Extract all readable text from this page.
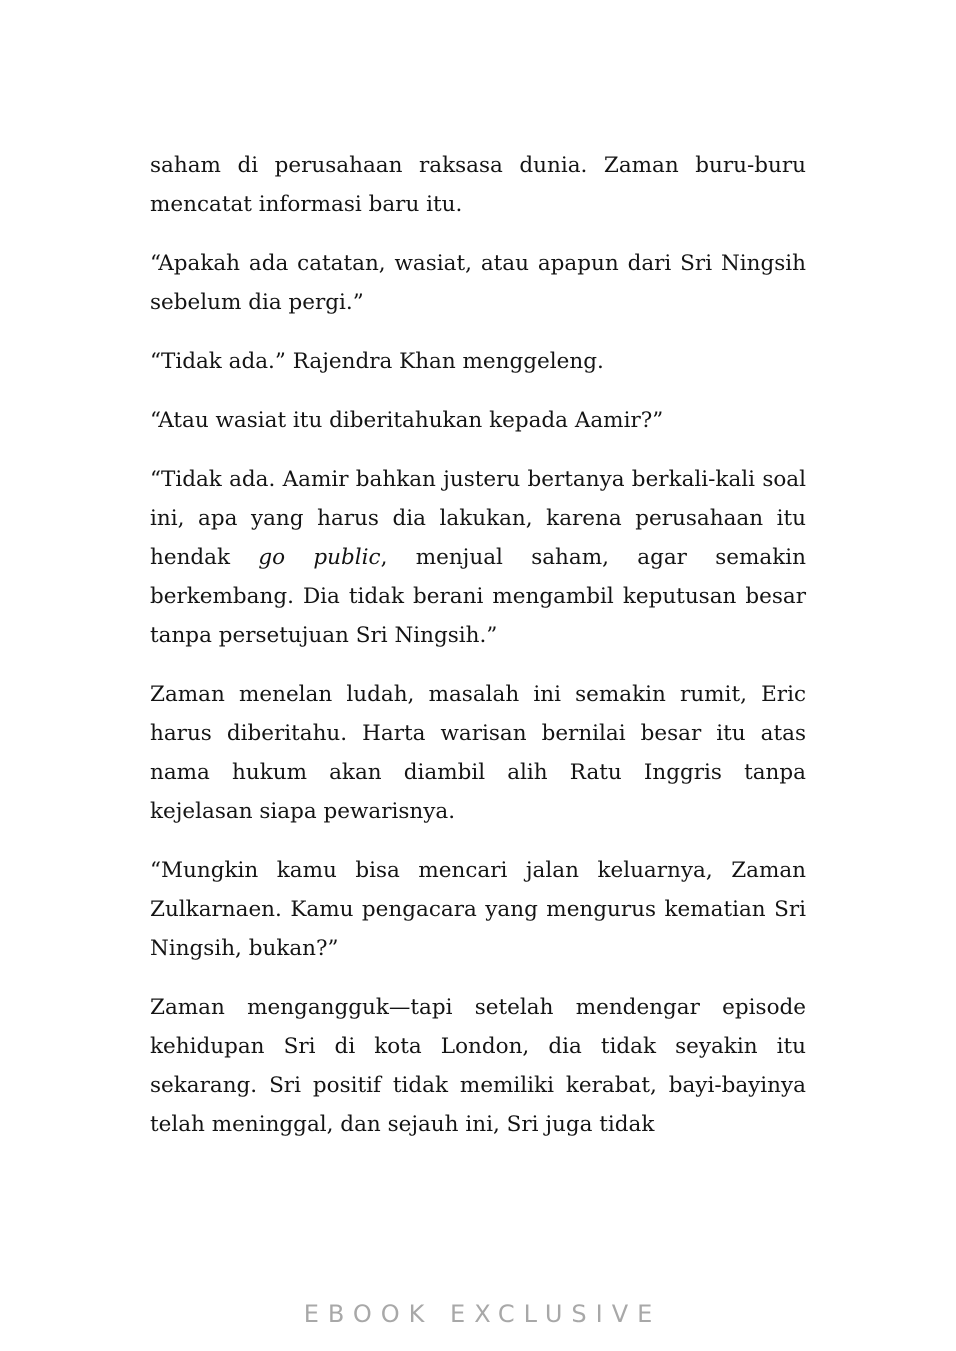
saham di perusahaan raksasa dunia. Zaman buru-buru mencatat informasi baru itu.

“Apakah ada catatan, wasiat, atau apapun dari Sri Ningsih sebelum dia pergi.”

“Tidak ada.” Rajendra Khan menggeleng.

“Atau wasiat itu diberitahukan kepada Aamir?”

“Tidak ada. Aamir bahkan justeru bertanya berkali-kali soal ini, apa yang harus dia lakukan, karena perusahaan itu hendak go public, menjual saham, agar semakin berkembang. Dia tidak berani mengambil keputusan besar tanpa persetujuan Sri Ningsih.”

Zaman menelan ludah, masalah ini semakin rumit, Eric harus diberitahu. Harta warisan bernilai besar itu atas nama hukum akan diambil alih Ratu Inggris tanpa kejelasan siapa pewarisnya.

“Mungkin kamu bisa mencari jalan keluarnya, Zaman Zulkarnaen. Kamu pengacara yang mengurus kematian Sri Ningsih, bukan?”

Zaman mengangguk—tapi setelah mendengar episode kehidupan Sri di kota London, dia tidak seyakin itu sekarang. Sri positif tidak memiliki kerabat, bayi-bayinya telah meninggal, dan sejauh ini, Sri juga tidak

EBOOK EXCLUSIVE
